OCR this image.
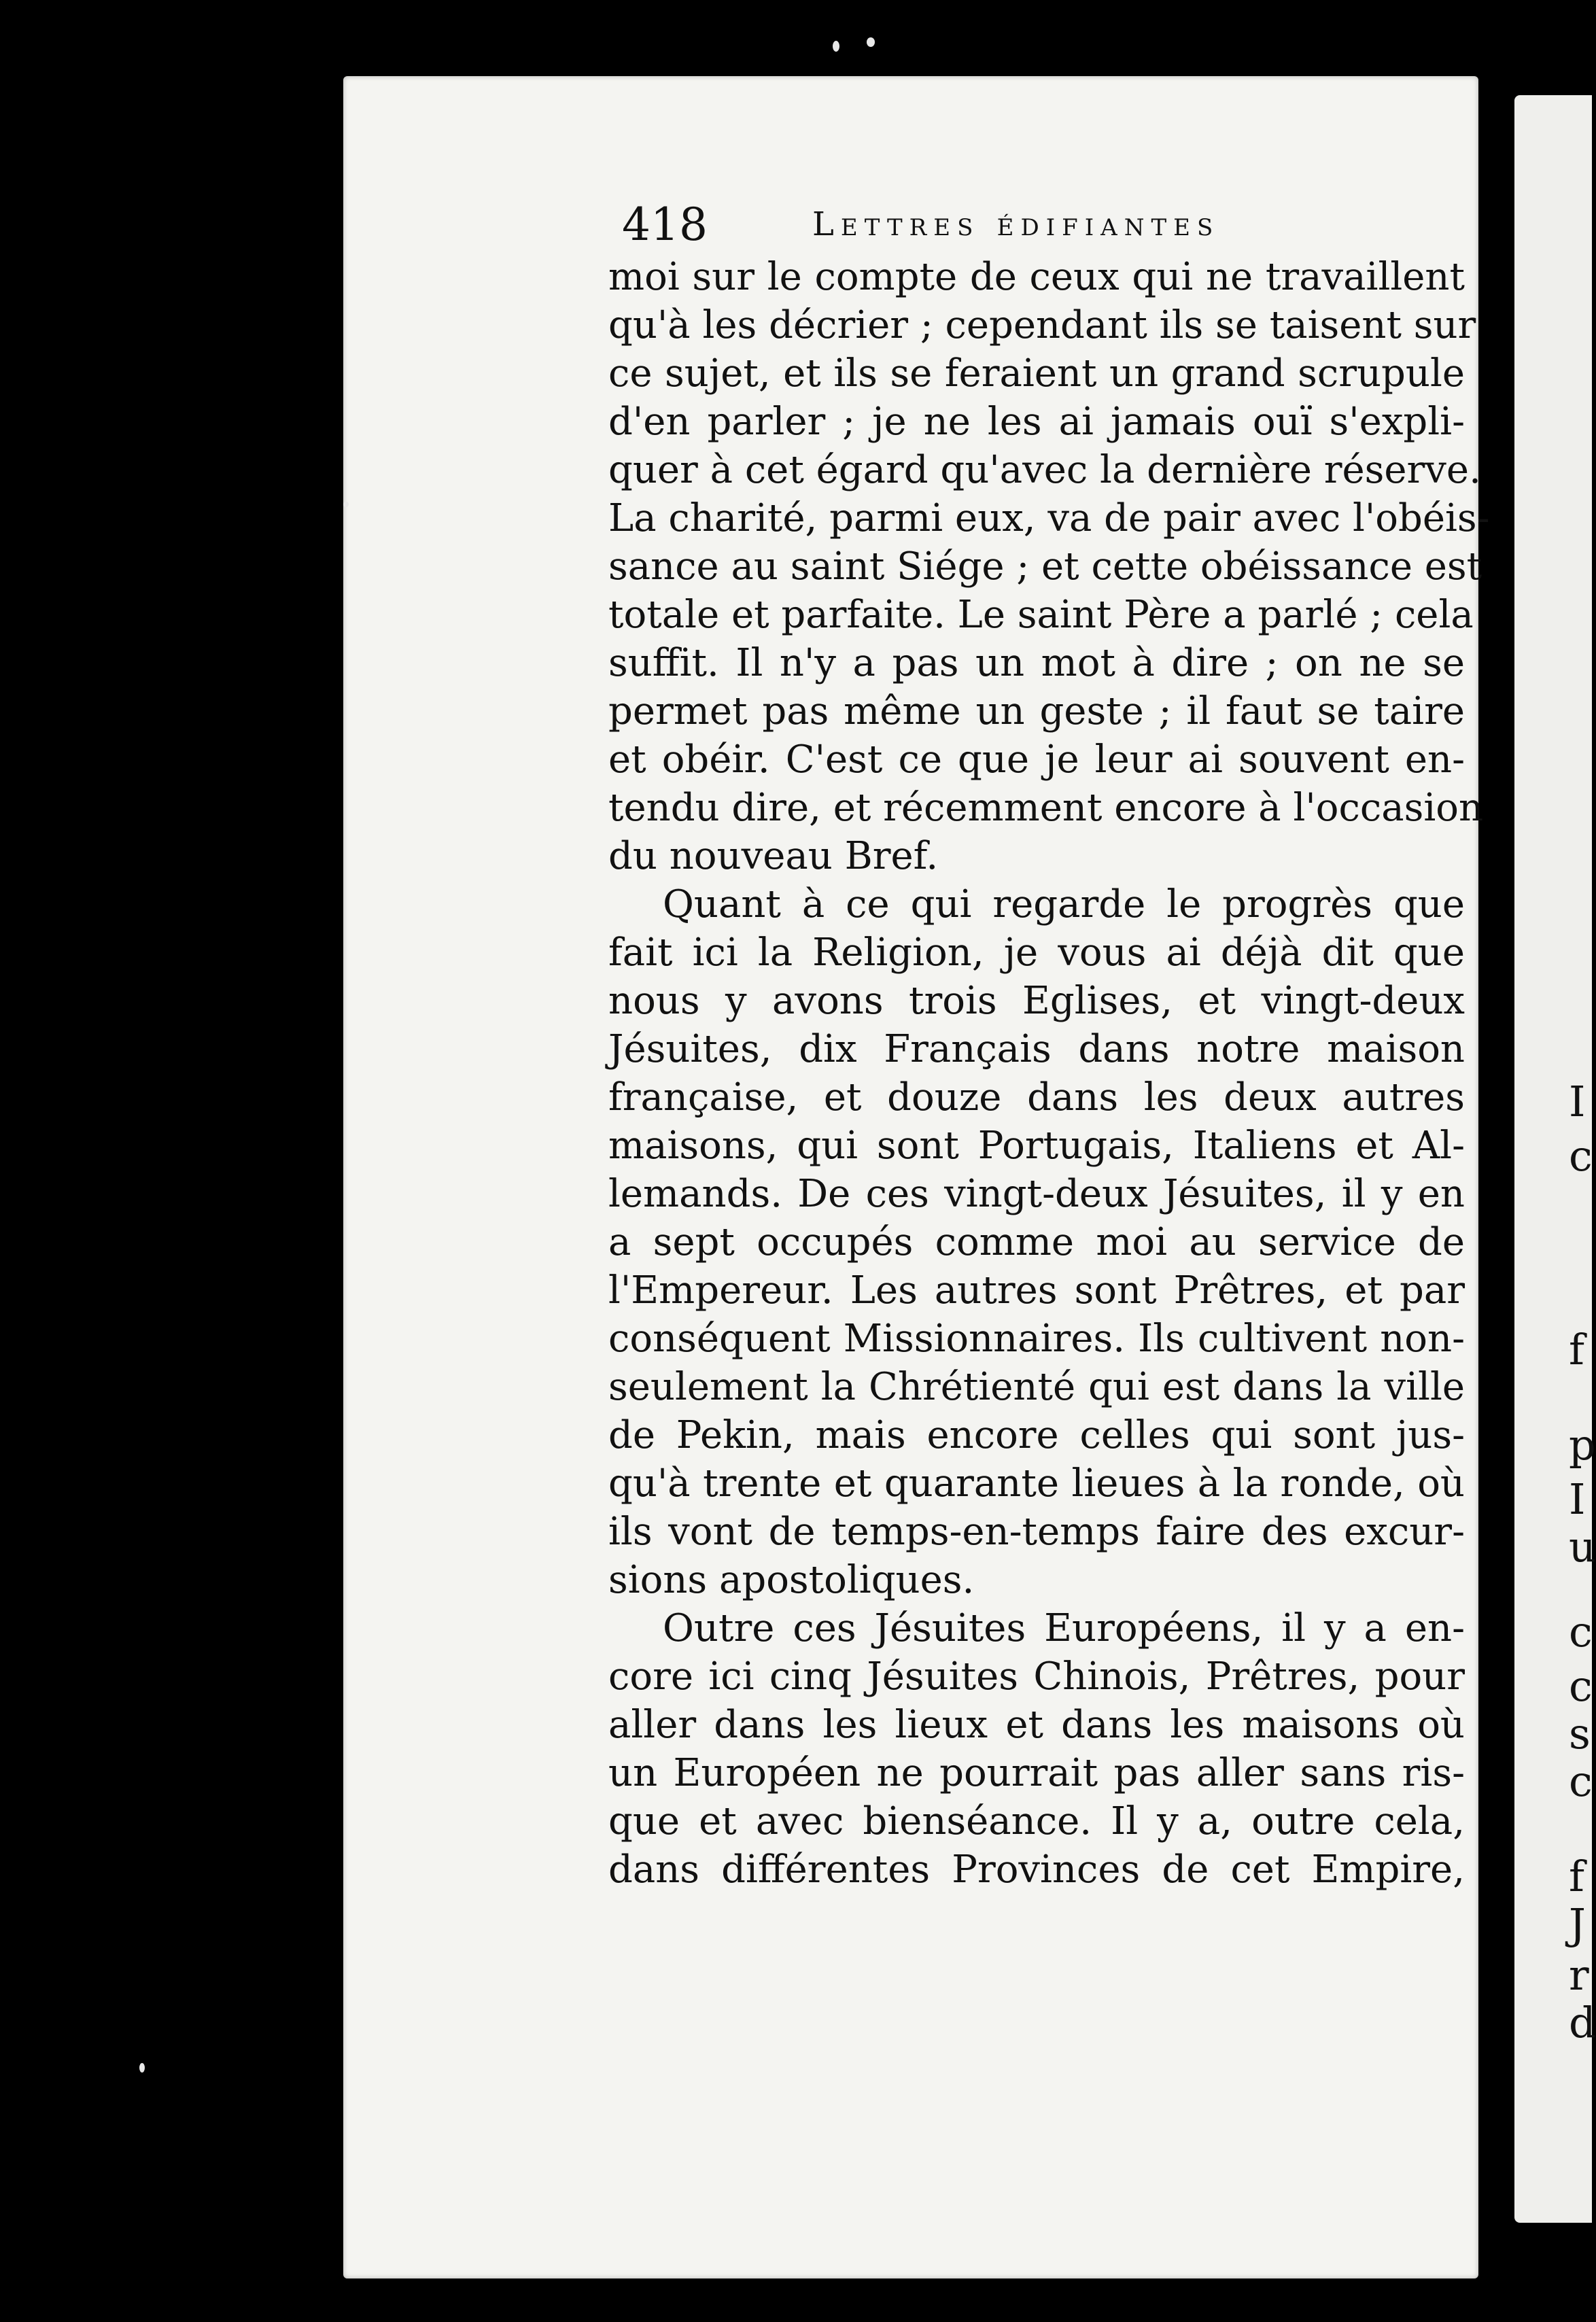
I
c
f
p
I
u
c
c
s
c
f
J
r
d
418	Lettres édifiantes
moi sur le compte de ceux qui ne travaillent
qu'à les décrier ; cependant ils se taisent sur
ce sujet, et ils se feraient un grand scrupule
d'en parler ; je ne les ai jamais ouï s'expli-
quer à cet égard qu'avec la dernière réserve.
La charité, parmi eux, va de pair avec l'obéis-
sance au saint Siége ; et cette obéissance est
totale et parfaite. Le saint Père a parlé ; cela
suffit. Il n'y a pas un mot à dire ; on ne se
permet pas même un geste ; il faut se taire
et obéir. C'est ce que je leur ai souvent en-
tendu dire, et récemment encore à l'occasion
du nouveau Bref.
Quant à ce qui regarde le progrès que
fait ici la Religion, je vous ai déjà dit que
nous y avons trois Eglises, et vingt-deux
Jésuites, dix Français dans notre maison
française, et douze dans les deux autres
maisons, qui sont Portugais, Italiens et Al-
lemands. De ces vingt-deux Jésuites, il y en
a sept occupés comme moi au service de
l'Empereur. Les autres sont Prêtres, et par
conséquent Missionnaires. Ils cultivent non-
seulement la Chrétienté qui est dans la ville
de Pekin, mais encore celles qui sont jus-
qu'à trente et quarante lieues à la ronde, où
ils vont de temps-en-temps faire des excur-
sions apostoliques.
Outre ces Jésuites Européens, il y a en-
core ici cinq Jésuites Chinois, Prêtres, pour
aller dans les lieux et dans les maisons où
un Européen ne pourrait pas aller sans ris-
que et avec bienséance. Il y a, outre cela,
dans différentes Provinces de cet Empire,
